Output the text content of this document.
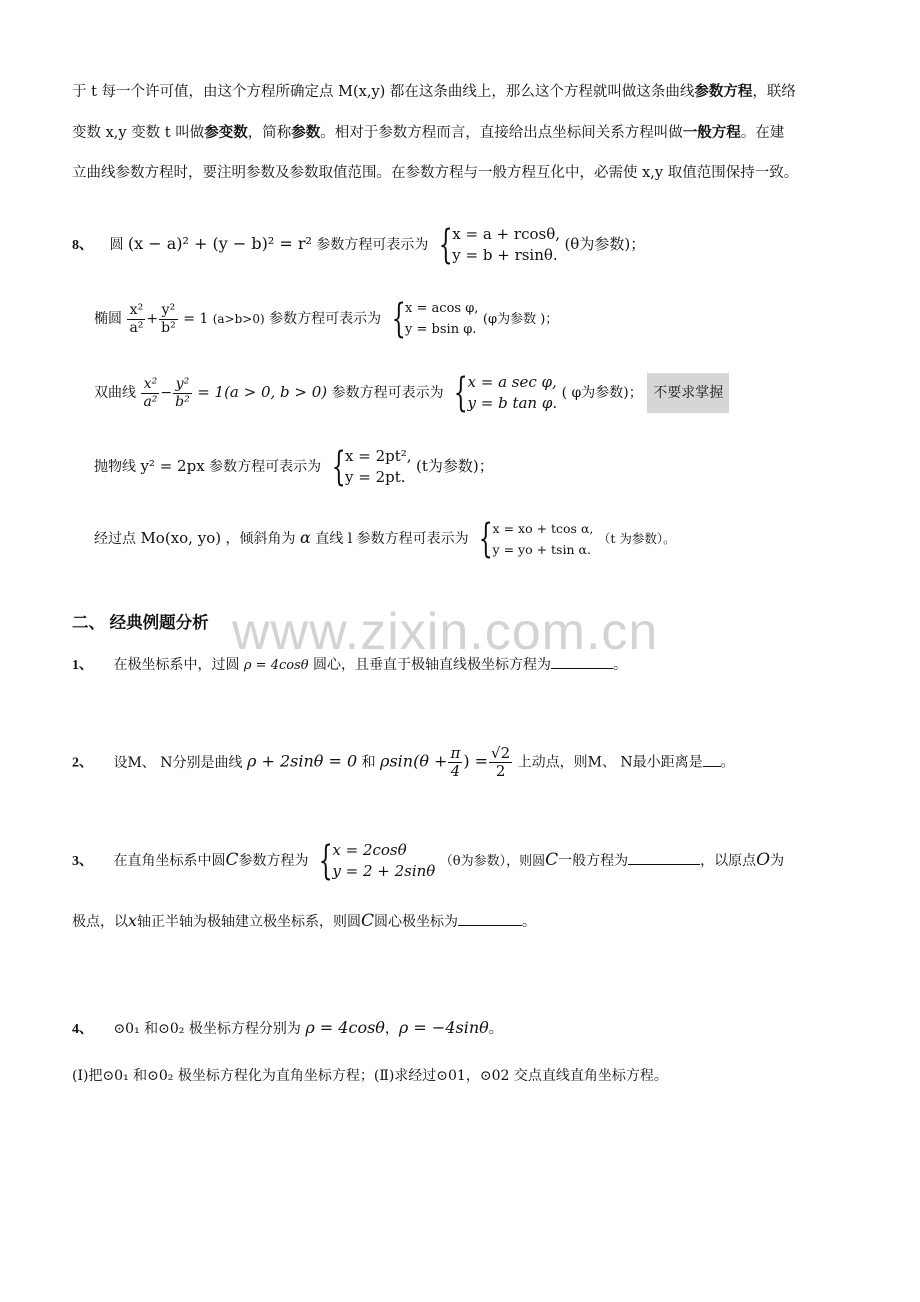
于 t 每一个许可值，由这个方程所确定点 M(x,y) 都在这条曲线上，那么这个方程就叫做这条曲线参数方程，联络
变数 x,y 变数 t 叫做参变数，简称参数。相对于参数方程而言，直接给出点坐标间关系方程叫做一般方程。在建
立曲线参数方程时，要注明参数及参数取值范围。在参数方程与一般方程互化中，必需使 x,y 取值范围保持一致。
8、 圆 (x − a)² + (y − b)² = r² 参数方程可表示为 { x = a + rcosθ,
y = b + rsinθ.
(θ为参数)；
椭圆 $\frac{\text{x²}}{\text{a²}} + \frac{\text{y²}}{\text{b²}} = 1$ (a>b>0) 参数方程可表示为 { x = acos φ,
y = bsin φ.
(φ为参数 )；
双曲线 $\frac{\text{x²}}{\text{a²}} - \frac{\text{y²}}{\text{b²}} = 1(a > 0$, b > 0) 参数方程可表示为 { x = a sec φ,
y = b tan φ.
( φ为参数)； 不要求掌握
抛物线 y² = 2px 参数方程可表示为 { x = 2pt²,
y = 2pt.
(t为参数)；
经过点 Mo(xo, yo) ，倾斜角为 α 直线 l 参数方程可表示为 { x = xo + tcos α,
y = yo + tsin α.
（t 为参数）。
二、 经典例题分析 www.zixin.com.cn
1、 在极坐标系中，过圆 ρ = 4cosθ 圆心，且垂直于极轴直线极坐标方程为	。
2、 设M、 N分别是曲线 ρ + 2sinθ = 0 和 $\rho\sin(\theta + \frac{\pi}{4}$ ) = $\frac{√2}{2}$ 上动点，则M、 N最小距离是 。
3、 在直角坐标系中圆C参数方程为 { x = 2cosθ
y = 2 + 2sinθ
（θ为参数），则圆C一般方程为	，以原点O为
极点，以x轴正半轴为极轴建立极坐标系，则圆C圆心极坐标为	。
4、 ⊙0₁ 和⊙0₂ 极坐标方程分别为 ρ = 4cosθ，ρ = −4sinθ。
(Ⅰ)把⊙0₁ 和⊙0₂ 极坐标方程化为直角坐标方程；(Ⅱ)求经过⊙01，⊙02 交点直线直角坐标方程。
